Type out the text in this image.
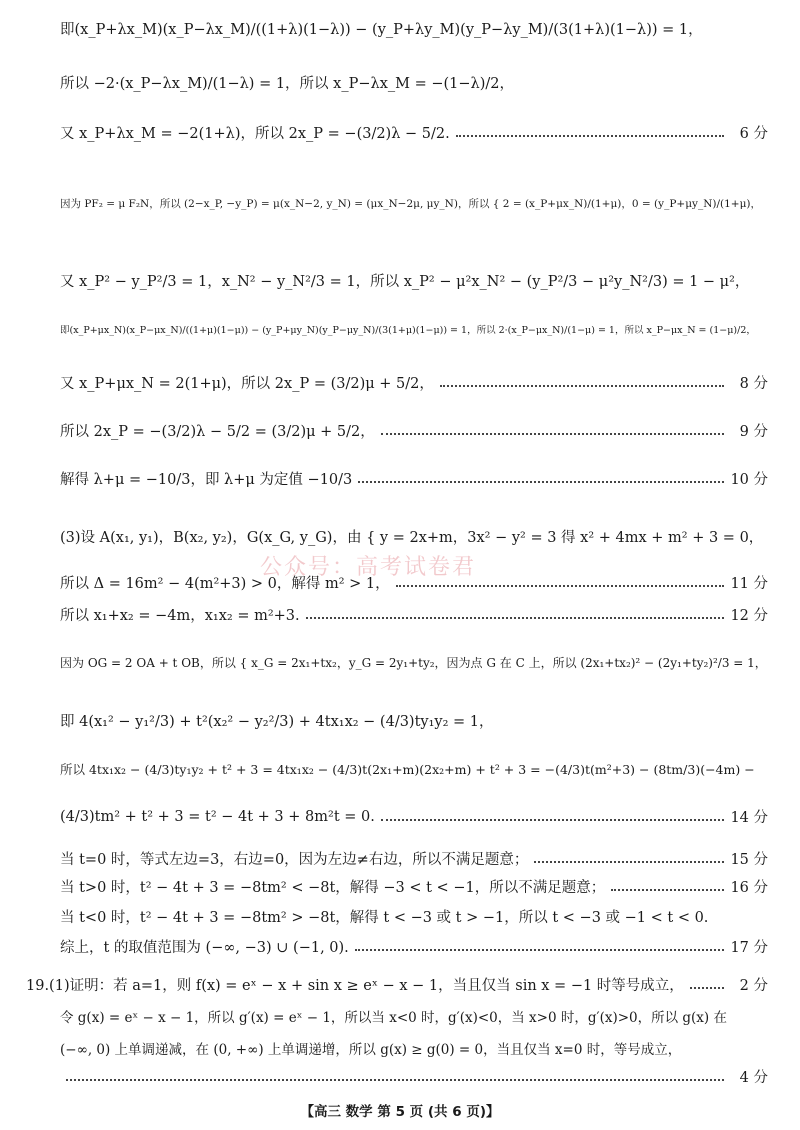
即(x_P+λx_M)(x_P−λx_M)/((1+λ)(1−λ)) − (y_P+λy_M)(y_P−λy_M)/(3(1+λ)(1−λ)) = 1，
所以 −2·(x_P−λx_M)/(1−λ) = 1，所以 x_P−λx_M = −(1−λ)/2，
又 x_P+λx_M = −2(1+λ)，所以 2x_P = −(3/2)λ − 5/2.	6 分
因为 PF₂ = μ F₂N，所以 (2−x_P, −y_P) = μ(x_N−2, y_N) = (μx_N−2μ, μy_N)，所以 { 2 = (x_P+μx_N)/(1+μ)，0 = (y_P+μy_N)/(1+μ)，
又 x_P² − y_P²/3 = 1，x_N² − y_N²/3 = 1，所以 x_P² − μ²x_N² − (y_P²/3 − μ²y_N²/3) = 1 − μ²，
即(x_P+μx_N)(x_P−μx_N)/((1+μ)(1−μ)) − (y_P+μy_N)(y_P−μy_N)/(3(1+μ)(1−μ)) = 1，所以 2·(x_P−μx_N)/(1−μ) = 1，所以 x_P−μx_N = (1−μ)/2，
又 x_P+μx_N = 2(1+μ)，所以 2x_P = (3/2)μ + 5/2，	8 分
所以 2x_P = −(3/2)λ − 5/2 = (3/2)μ + 5/2，	9 分
解得 λ+μ = −10/3，即 λ+μ 为定值 −10/3	10 分
(3)设 A(x₁, y₁)，B(x₂, y₂)，G(x_G, y_G)，由 { y = 2x+m，3x² − y² = 3 得 x² + 4mx + m² + 3 = 0，
所以 Δ = 16m² − 4(m²+3) > 0，解得 m² > 1，	11 分
所以 x₁+x₂ = −4m，x₁x₂ = m²+3.	12 分
因为 OG = 2 OA + t OB，所以 { x_G = 2x₁+tx₂，y_G = 2y₁+ty₂，因为点 G 在 C 上，所以 (2x₁+tx₂)² − (2y₁+ty₂)²/3 = 1，
即 4(x₁² − y₁²/3) + t²(x₂² − y₂²/3) + 4tx₁x₂ − (4/3)ty₁y₂ = 1，
所以 4tx₁x₂ − (4/3)ty₁y₂ + t² + 3 = 4tx₁x₂ − (4/3)t(2x₁+m)(2x₂+m) + t² + 3 = −(4/3)t(m²+3) − (8tm/3)(−4m) −
(4/3)tm² + t² + 3 = t² − 4t + 3 + 8m²t = 0.	14 分
当 t=0 时，等式左边=3，右边=0，因为左边≠右边，所以不满足题意；	15 分
当 t>0 时，t² − 4t + 3 = −8tm² < −8t，解得 −3 < t < −1，所以不满足题意；	16 分
当 t<0 时，t² − 4t + 3 = −8tm² > −8t，解得 t < −3 或 t > −1，所以 t < −3 或 −1 < t < 0.
综上，t 的取值范围为 (−∞, −3) ∪ (−1, 0).	17 分
19.(1)证明：若 a=1，则 f(x) = eˣ − x + sin x ≥ eˣ − x − 1，当且仅当 sin x = −1 时等号成立，	2 分
令 g(x) = eˣ − x − 1，所以 g′(x) = eˣ − 1，所以当 x<0 时，g′(x)<0，当 x>0 时，g′(x)>0，所以 g(x) 在
(−∞, 0) 上单调递减，在 (0, +∞) 上单调递增，所以 g(x) ≥ g(0) = 0，当且仅当 x=0 时，等号成立，
4 分
公众号：高考试卷君
【高三 数学 第 5 页 (共 6 页)】
